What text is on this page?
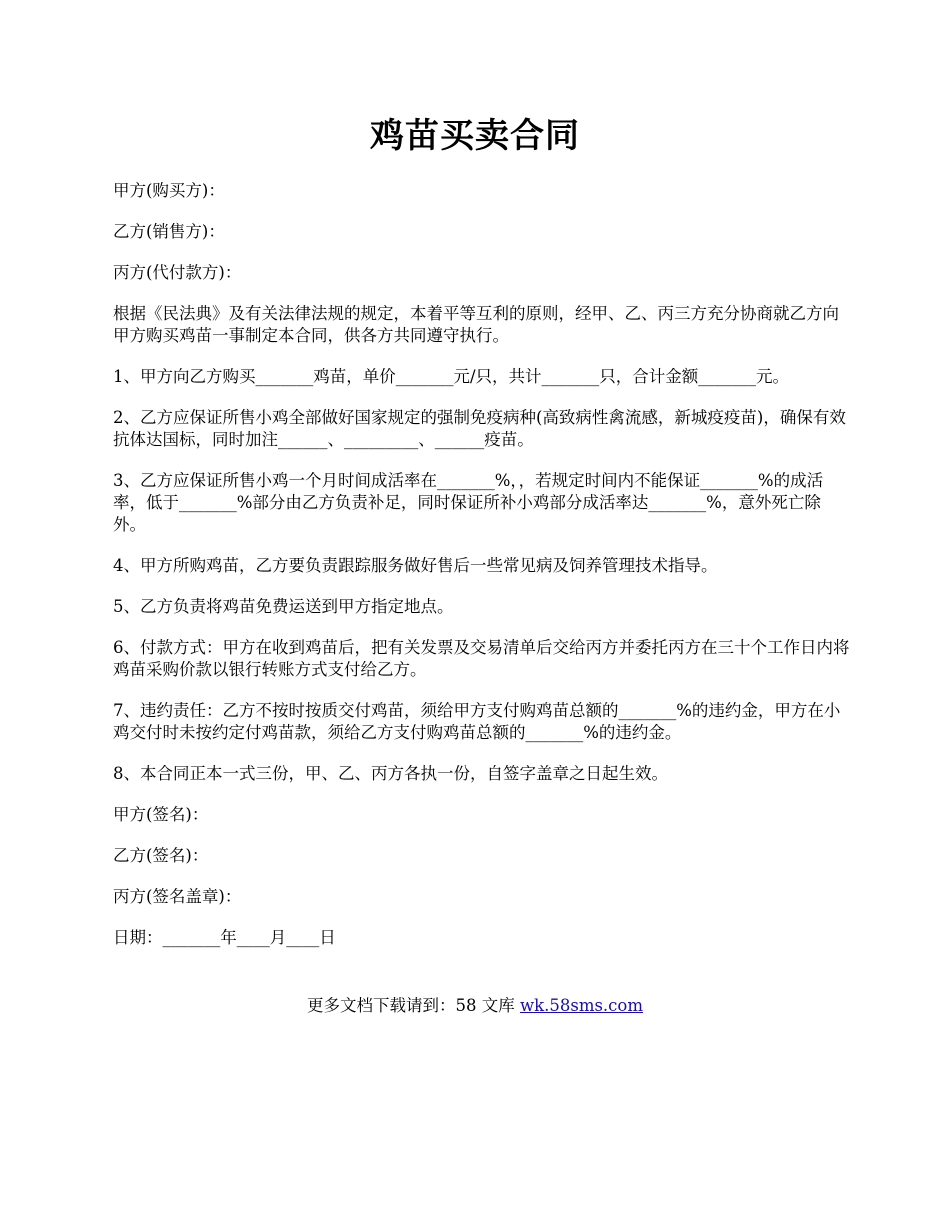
鸡苗买卖合同

甲方(购买方)：

乙方(销售方)：

丙方(代付款方)：

根据《民法典》及有关法律法规的规定，本着平等互利的原则，经甲、乙、丙三方充分协商就乙方向甲方购买鸡苗一事制定本合同，供各方共同遵守执行。

1、甲方向乙方购买_______鸡苗，单价_______元/只，共计_______只，合计金额_______元。

2、乙方应保证所售小鸡全部做好国家规定的强制免疫病种(高致病性禽流感，新城疫疫苗)，确保有效抗体达国标，同时加注______、_________、______疫苗。

3、乙方应保证所售小鸡一个月时间成活率在_______%，，若规定时间内不能保证_______%的成活率，低于_______%部分由乙方负责补足，同时保证所补小鸡部分成活率达_______%，意外死亡除外。

4、甲方所购鸡苗，乙方要负责跟踪服务做好售后一些常见病及饲养管理技术指导。

5、乙方负责将鸡苗免费运送到甲方指定地点。

6、付款方式：甲方在收到鸡苗后，把有关发票及交易清单后交给丙方并委托丙方在三十个工作日内将鸡苗采购价款以银行转账方式支付给乙方。

7、违约责任：乙方不按时按质交付鸡苗，须给甲方支付购鸡苗总额的_______%的违约金，甲方在小鸡交付时未按约定付鸡苗款，须给乙方支付购鸡苗总额的_______%的违约金。

8、本合同正本一式三份，甲、乙、丙方各执一份，自签字盖章之日起生效。

甲方(签名)：

乙方(签名)：

丙方(签名盖章)：

日期：_______年____月____日

更多文档下载请到：58 文库 wk.58sms.com
